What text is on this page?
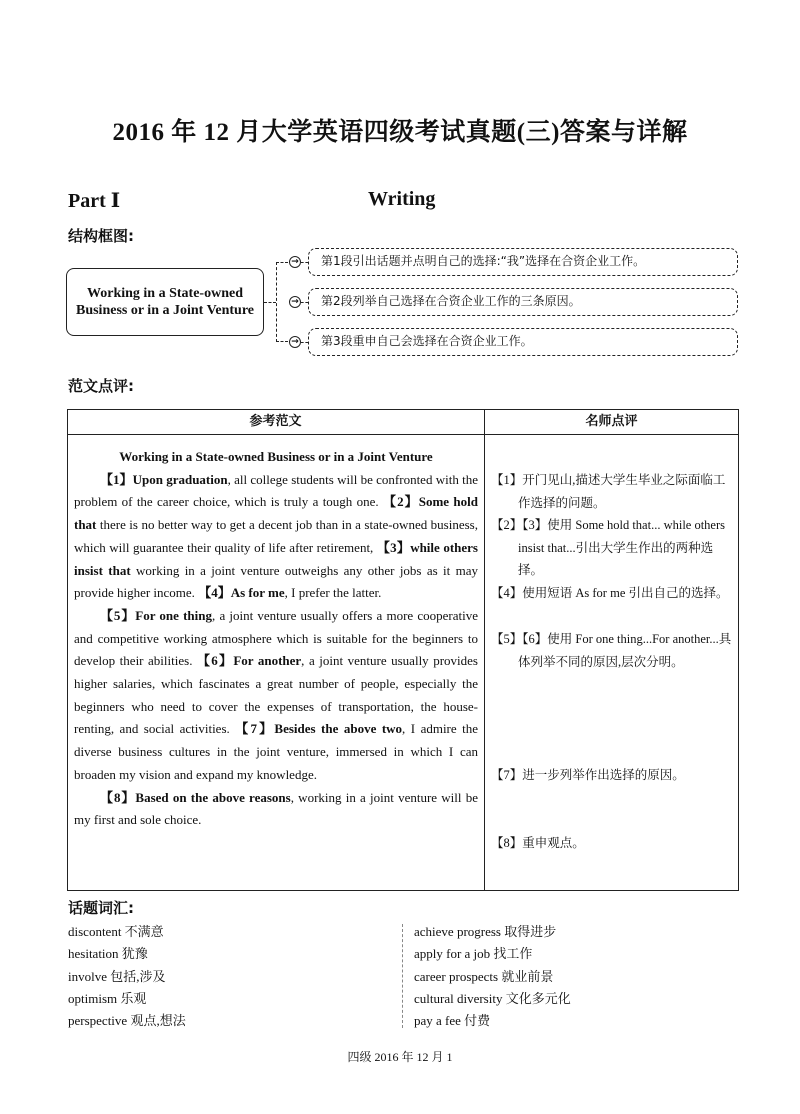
2016 年 12 月大学英语四级考试真题(三)答案与详解
Part Ⅰ	Writing
结构框图:
Working in a State-owned Business or in a Joint Venture
→
→
→
第1段引出话题并点明自己的选择:“我”选择在合资企业工作。
第2段列举自己选择在合资企业工作的三条原因。
第3段重申自己会选择在合资企业工作。
范文点评:
参考范文	名师点评
Working in a State-owned Business or in a Joint Venture

【1】Upon graduation, all college students will be confronted with the problem of the career choice, which is truly a tough one. 【2】Some hold that there is no better way to get a decent job than in a state-owned business, which will guarantee their quality of life after retirement, 【3】while others insist that working in a joint venture outweighs any other jobs as it may provide higher income. 【4】As for me, I prefer the latter.

【5】For one thing, a joint venture usually offers a more cooperative and competitive working atmosphere which is suitable for the beginners to develop their abilities. 【6】For another, a joint venture usually provides higher salaries, which fascinates a great number of people, especially the beginners who need to cover the expenses of transportation, the house-renting, and social activities. 【7】Besides the above two, I admire the diverse business cultures in the joint venture, immersed in which I can broaden my vision and expand my knowledge.

【8】Based on the above reasons, working in a joint venture will be my first and sole choice.

【1】开门见山,描述大学生毕业之际面临工作选择的问题。
【2】【3】使用 Some hold that... while others insist that...引出大学生作出的两种选择。
【4】使用短语 As for me 引出自己的选择。
【5】【6】使用 For one thing...For another...具体列举不同的原因,层次分明。
【7】进一步列举作出选择的原因。
【8】重申观点。
话题词汇:
discontent 不满意
hesitation 犹豫
involve 包括,涉及
optimism 乐观
perspective 观点,想法
achieve progress 取得进步
apply for a job 找工作
career prospects 就业前景
cultural diversity 文化多元化
pay a fee 付费
四级 2016 年 12 月 1
